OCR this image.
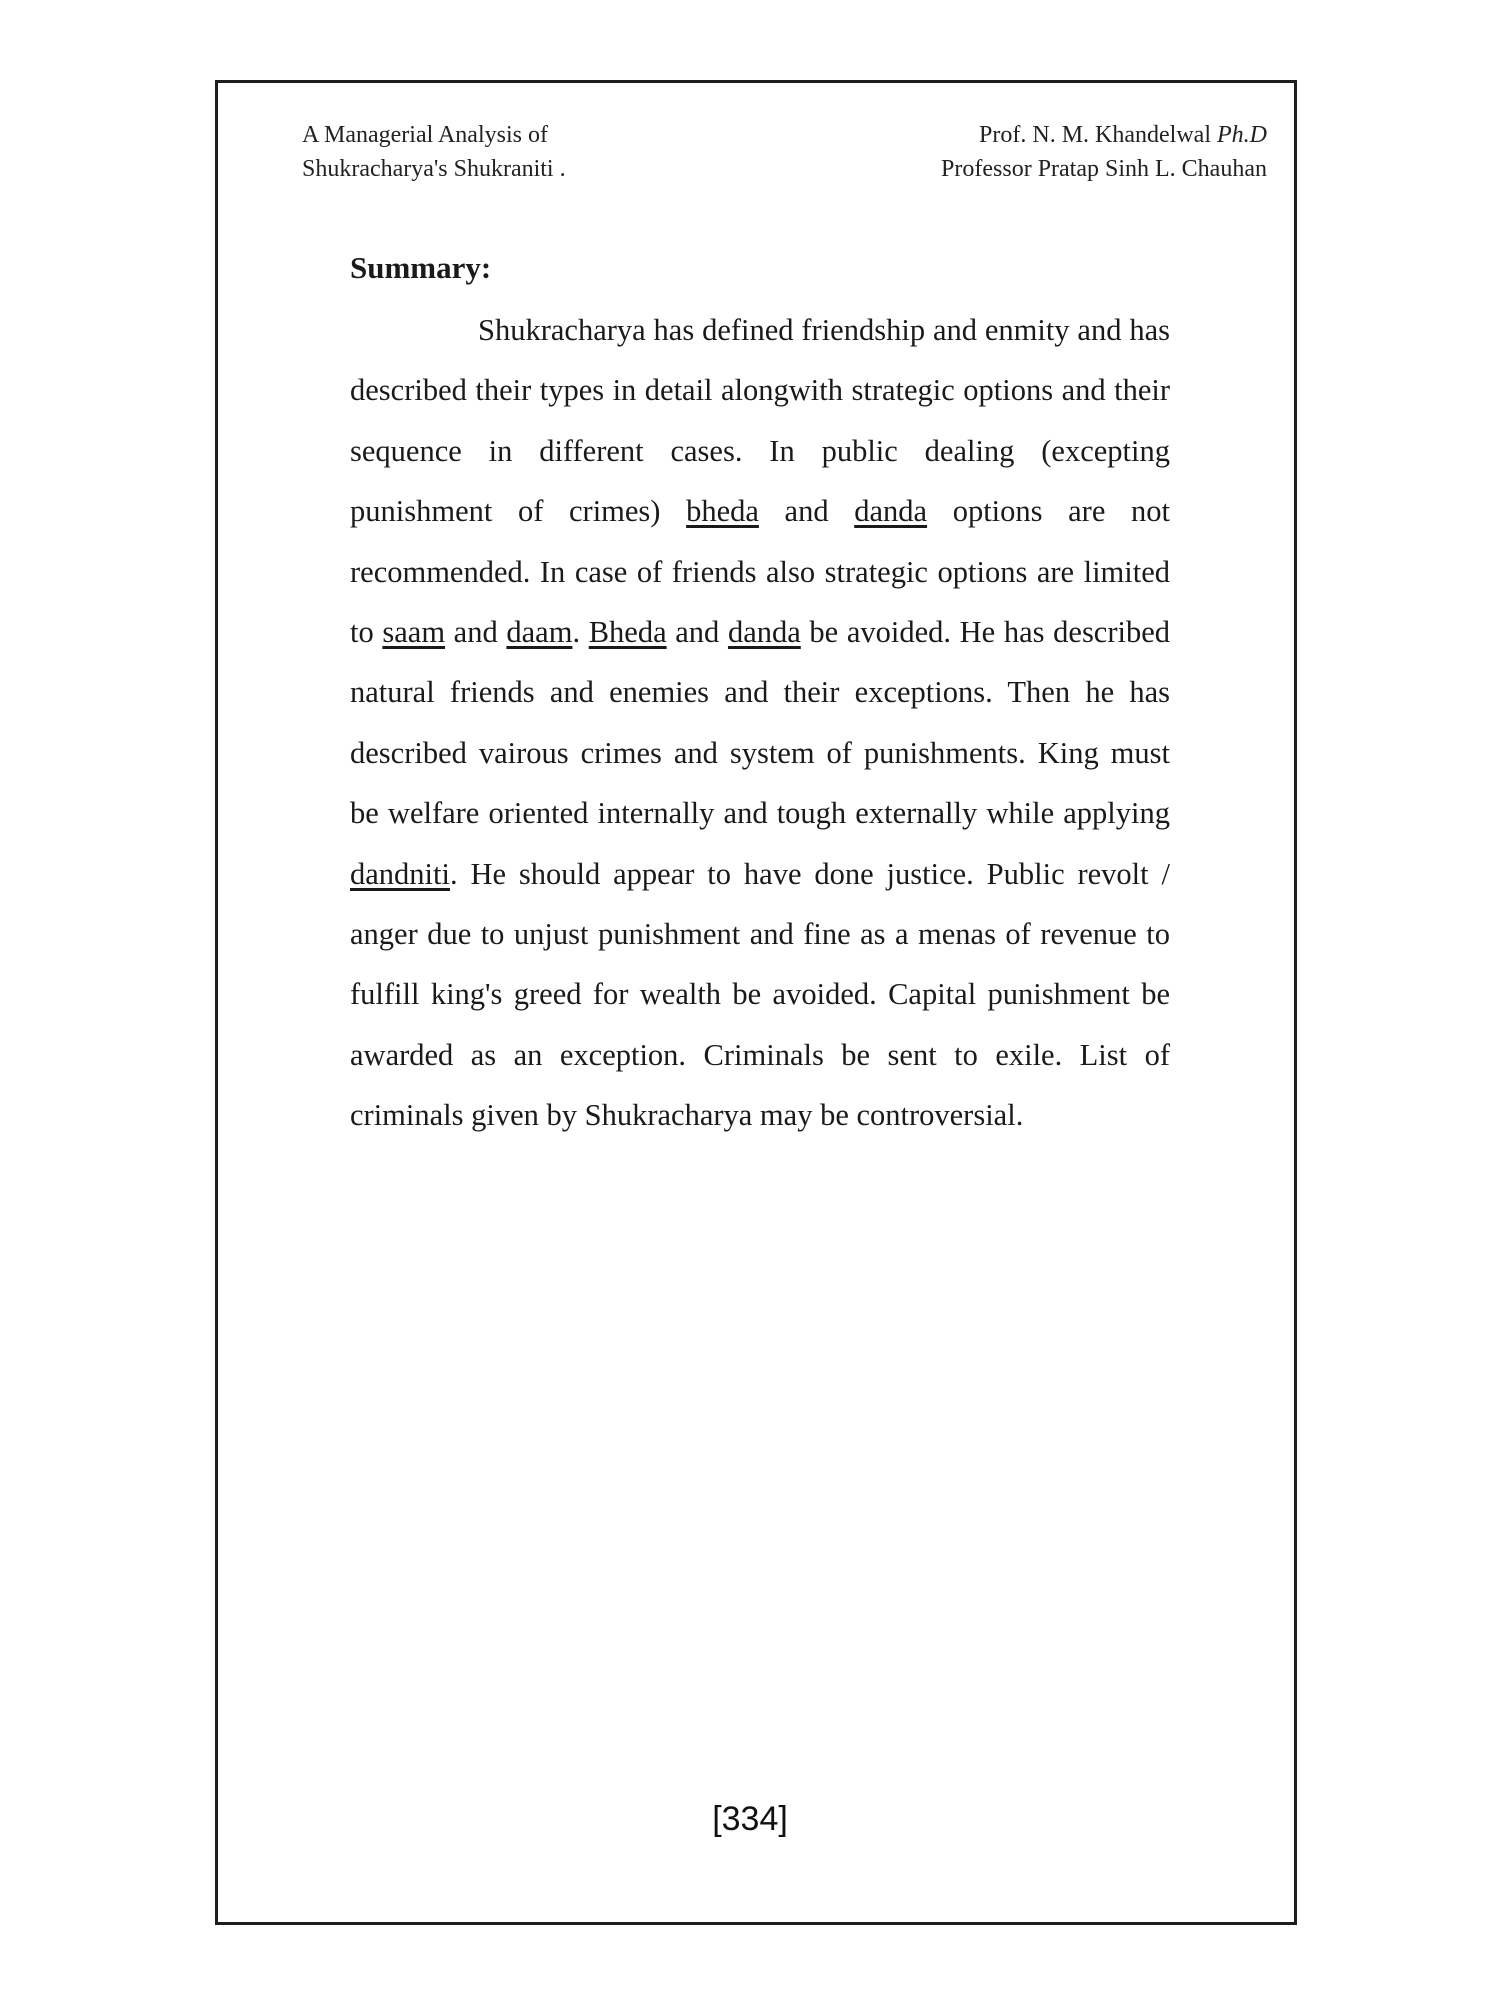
A Managerial Analysis of
Shukracharya's Shukraniti .
Prof. N. M. Khandelwal Ph.D
Professor Pratap Sinh L. Chauhan
Summary:

Shukracharya has defined friendship and enmity and has described their types in detail alongwith strategic options and their sequence in different cases. In public dealing (excepting punishment of crimes) bheda and danda options are not recommended. In case of friends also strategic options are limited to saam and daam. Bheda and danda be avoided. He has described natural friends and enemies and their exceptions. Then he has described vairous crimes and system of punishments. King must be welfare oriented internally and tough externally while applying dandniti. He should appear to have done justice. Public revolt / anger due to unjust punishment and fine as a menas of revenue to fulfill king's greed for wealth be avoided. Capital punishment be awarded as an exception. Criminals be sent to exile. List of criminals given by Shukracharya may be controversial.

[334]
